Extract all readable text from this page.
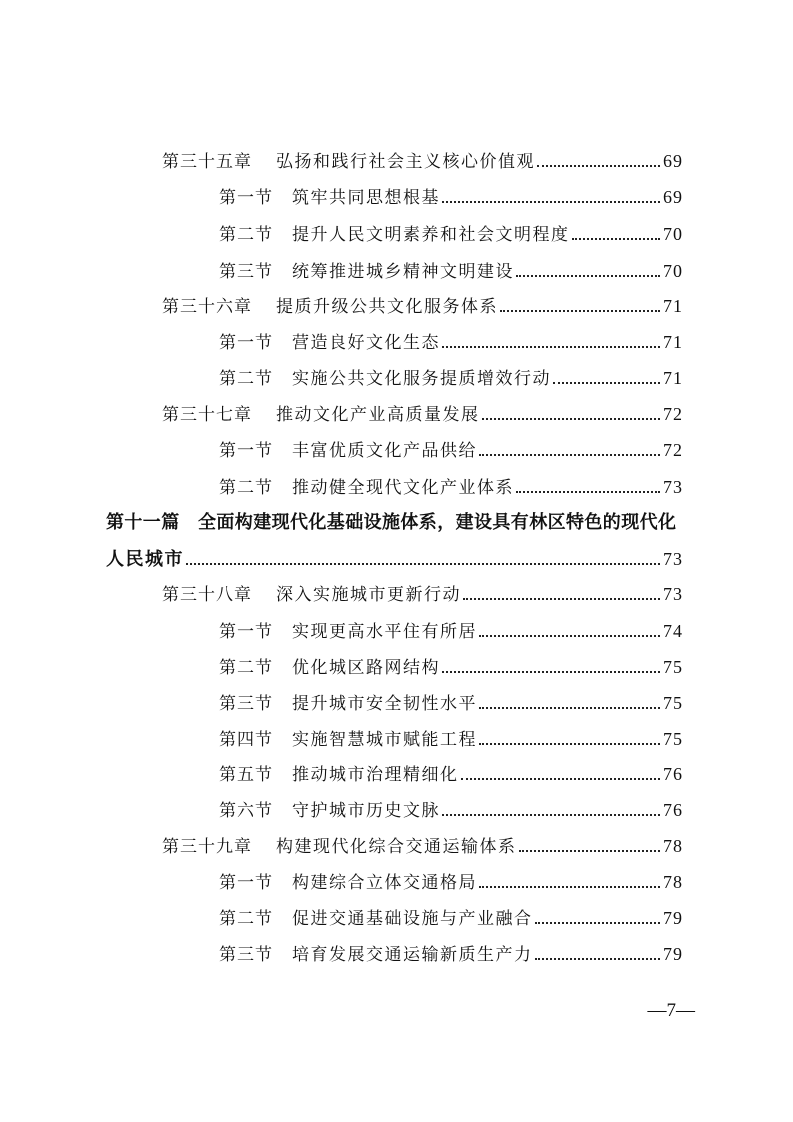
第三十五章	弘扬和践行社会主义核心价值观	69
第一节	筑牢共同思想根基	69
第二节	提升人民文明素养和社会文明程度	70
第三节	统筹推进城乡精神文明建设	70
第三十六章	提质升级公共文化服务体系	71
第一节	营造良好文化生态	71
第二节	实施公共文化服务提质增效行动	71
第三十七章	推动文化产业高质量发展	72
第一节	丰富优质文化产品供给	72
第二节	推动健全现代文化产业体系	73
第十一篇　全面构建现代化基础设施体系，建设具有林区特色的现代化
人民城市	73
第三十八章	深入实施城市更新行动	73
第一节	实现更高水平住有所居	74
第二节	优化城区路网结构	75
第三节	提升城市安全韧性水平	75
第四节	实施智慧城市赋能工程	75
第五节	推动城市治理精细化	76
第六节	守护城市历史文脉	76
第三十九章	构建现代化综合交通运输体系	78
第一节	构建综合立体交通格局	78
第二节	促进交通基础设施与产业融合	79
第三节	培育发展交通运输新质生产力	79
—7—
